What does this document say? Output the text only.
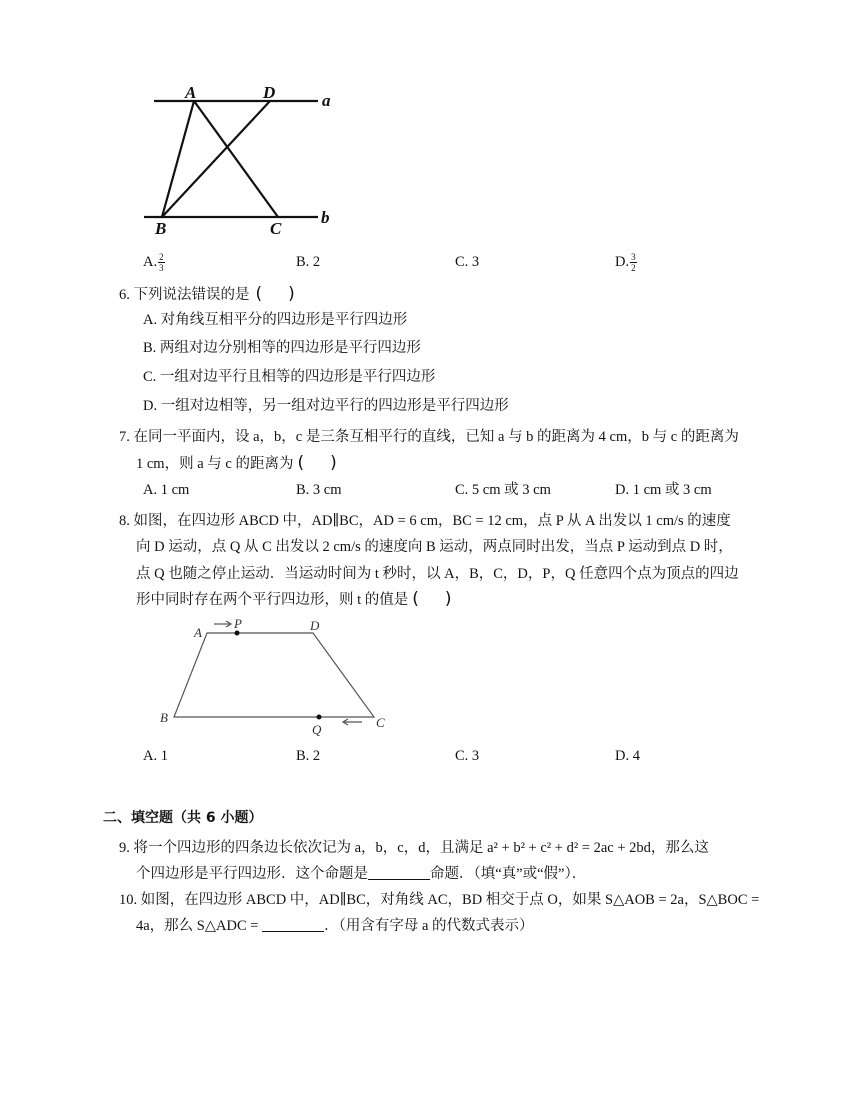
A	D	a
B	C
b
A. $\frac{2}{3}$	B. 2	C. 3	D. $\frac{3}{2}$
6. 下列说法错误的是 ( )
A. 对角线互相平分的四边形是平行四边形
B. 两组对边分别相等的四边形是平行四边形
C. 一组对边平行且相等的四边形是平行四边形
D. 一组对边相等，另一组对边平行的四边形是平行四边形
7. 在同一平面内，设 a，b，c 是三条互相平行的直线，已知 a 与 b 的距离为 4 cm，b 与 c 的距离为
1 cm，则 a 与 c 的距离为 ( )
A. 1 cm	B. 3 cm	C. 5 cm 或 3 cm	D. 1 cm 或 3 cm
8. 如图，在四边形 ABCD 中，AD∥BC，AD = 6 cm，BC = 12 cm，点 P 从 A 出发以 1 cm/s 的速度
向 D 运动，点 Q 从 C 出发以 2 cm/s 的速度向 B 运动，两点同时出发，当点 P 运动到点 D 时，
点 Q 也随之停止运动．当运动时间为 t 秒时，以 A，B，C，D，P，Q 任意四个点为顶点的四边
形中同时存在两个平行四边形，则 t 的值是 ( )
A
P	D
B
Q	C
A. 1	B. 2	C. 3	D. 4
二、填空题（共 6 小题）
9. 将一个四边形的四条边长依次记为 a，b，c，d，且满足 a² + b² + c² + d² = 2ac + 2bd，那么这
个四边形是平行四边形．这个命题是	命题．（填“真”或“假”）．
10. 如图，在四边形 ABCD 中，AD∥BC，对角线 AC，BD 相交于点 O，如果 S△AOB = 2a，S△BOC =
4a，那么 S△ADC =	．（用含有字母 a 的代数式表示）
